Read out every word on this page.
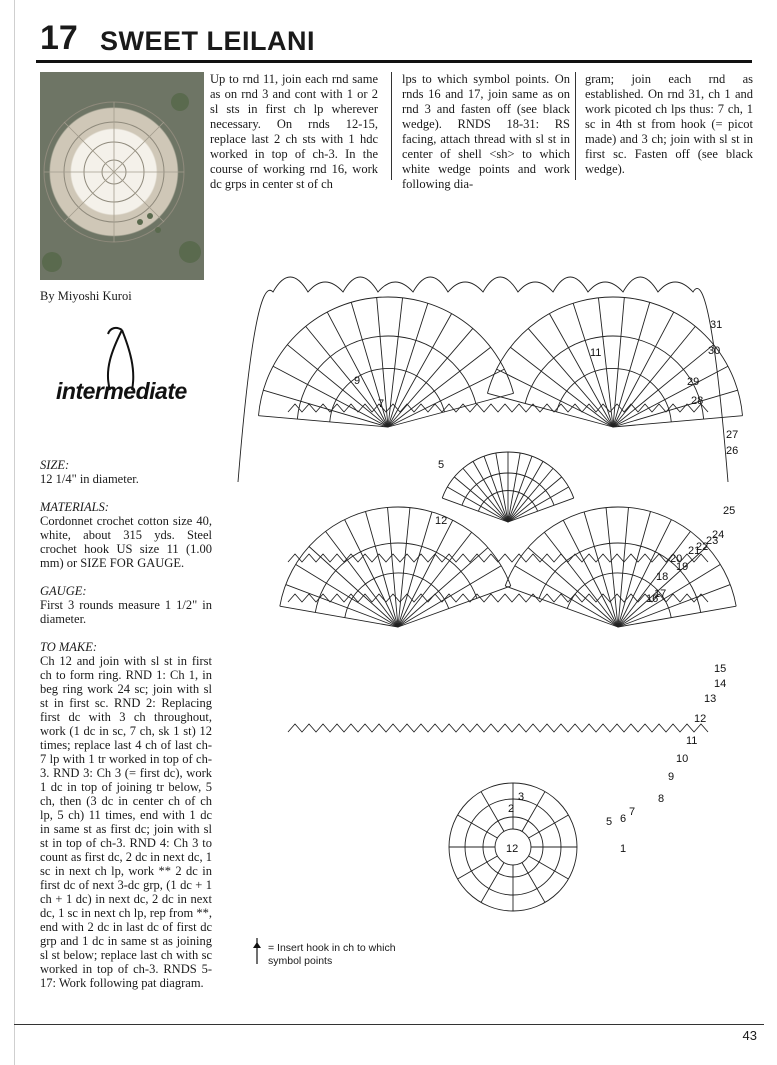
17 SWEET LEILANI
By Miyoshi Kuroi
intermediate

SIZE:

12 1/4" in diameter.

MATERIALS:

Cordonnet crochet cotton size 40, white, about 315 yds. Steel crochet hook US size 11 (1.00 mm) or SIZE FOR GAUGE.

GAUGE:

First 3 rounds measure 1 1/2" in diameter.

TO MAKE:

Ch 12 and join with sl st in first ch to form ring. RND 1: Ch 1, in beg ring work 24 sc; join with sl st in first sc. RND 2: Replacing first dc with 3 ch throughout, work (1 dc in sc, 7 ch, sk 1 st) 12 times; replace last 4 ch of last ch-7 lp with 1 tr worked in top of ch-3. RND 3: Ch 3 (= first dc), work 1 dc in top of joining tr below, 5 ch, then (3 dc in center ch of ch lp, 5 ch) 11 times, end with 1 dc in same st as first dc; join with sl st in top of ch-3. RND 4: Ch 3 to count as first dc, 2 dc in next dc, 1 sc in next ch lp, work ** 2 dc in first dc of next 3-dc grp, (1 dc + 1 ch + 1 dc) in next dc, 2 dc in next dc, 1 sc in next ch lp, rep from **, end with 2 dc in last dc of first dc grp and 1 dc in same st as joining sl st below; replace last ch with sc worked in top of ch-3. RNDS 5-17: Work following pat diagram.

Up to rnd 11, join each rnd same as on rnd 3 and cont with 1 or 2 sl sts in first ch lp wherever necessary. On rnds 12-15, replace last 2 ch sts with 1 hdc worked in top of ch-3. In the course of working rnd 16, work dc grps in center st of ch
lps to which symbol points. On rnds 16 and 17, join same as on rnd 3 and fasten off (see black wedge). RNDS 18-31: RS facing, attach thread with sl st in center of shell <sh> to which white wedge points and work following dia-
gram; join each rnd as established. On rnd 31, ch 1 and work picoted ch lps thus: 7 ch, 1 sc in 4th st from hook (= picot made) and 3 ch; join with sl st in first sc. Fasten off (see black wedge).
12
2
3
5
7
9
11
12
1
5 6
7
8
9
10
11
12
13
14
15
16
17
18
19
20
21
22
23
24
25
26
27
28
29
30
31
= Insert hook in ch to which symbol points
43
